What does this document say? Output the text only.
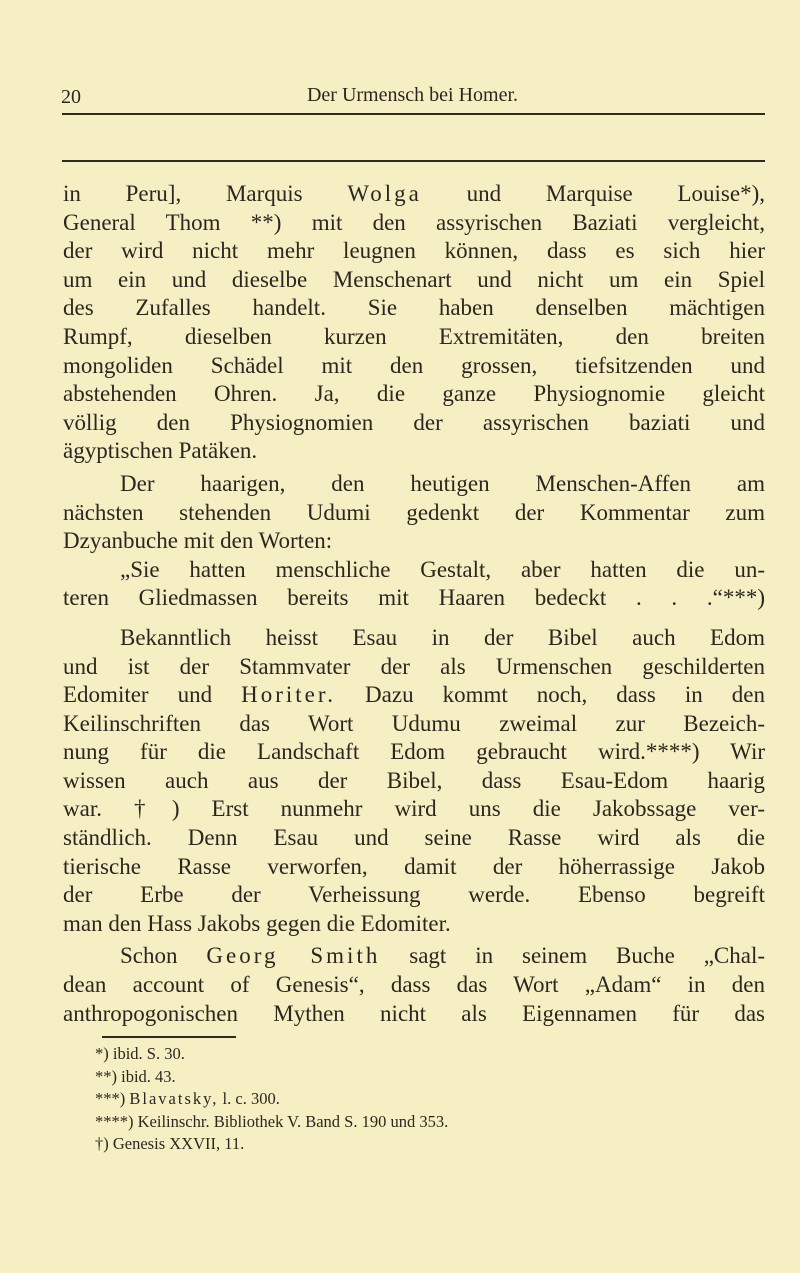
20	Der Urmensch bei Homer.
in Peru], Marquis Wolga und Marquise Louise*),
General Thom **) mit den assyrischen Baziati vergleicht,
der wird nicht mehr leugnen können, dass es sich hier
um ein und dieselbe Menschenart und nicht um ein Spiel
des Zufalles handelt. Sie haben denselben mächtigen
Rumpf, dieselben kurzen Extremitäten, den breiten
mongoliden Schädel mit den grossen, tiefsitzenden und
abstehenden Ohren. Ja, die ganze Physiognomie gleicht
völlig den Physiognomien der assyrischen baziati und
ägyptischen Patäken.
Der haarigen, den heutigen Menschen-Affen am
nächsten stehenden Udumi gedenkt der Kommentar zum
Dzyanbuche mit den Worten:
„Sie hatten menschliche Gestalt, aber hatten die un-
teren Gliedmassen bereits mit Haaren bedeckt . . .“***)
Bekanntlich heisst Esau in der Bibel auch Edom
und ist der Stammvater der als Urmenschen geschilderten
Edomiter und Horiter. Dazu kommt noch, dass in den
Keilinschriften das Wort Udumu zweimal zur Bezeich-
nung für die Landschaft Edom gebraucht wird.****) Wir
wissen auch aus der Bibel, dass Esau-Edom haarig
war. †) Erst nunmehr wird uns die Jakobssage ver-
ständlich. Denn Esau und seine Rasse wird als die
tierische Rasse verworfen, damit der höherrassige Jakob
der Erbe der Verheissung werde. Ebenso begreift
man den Hass Jakobs gegen die Edomiter.
Schon Georg Smith sagt in seinem Buche „Chal-
dean account of Genesis“, dass das Wort „Adam“ in den
anthropogonischen Mythen nicht als Eigennamen für das
*) ibid. S. 30.
**) ibid. 43.
***) Blavatsky, l. c. 300.
****) Keilinschr. Bibliothek V. Band S. 190 und 353.
†) Genesis XXVII, 11.
